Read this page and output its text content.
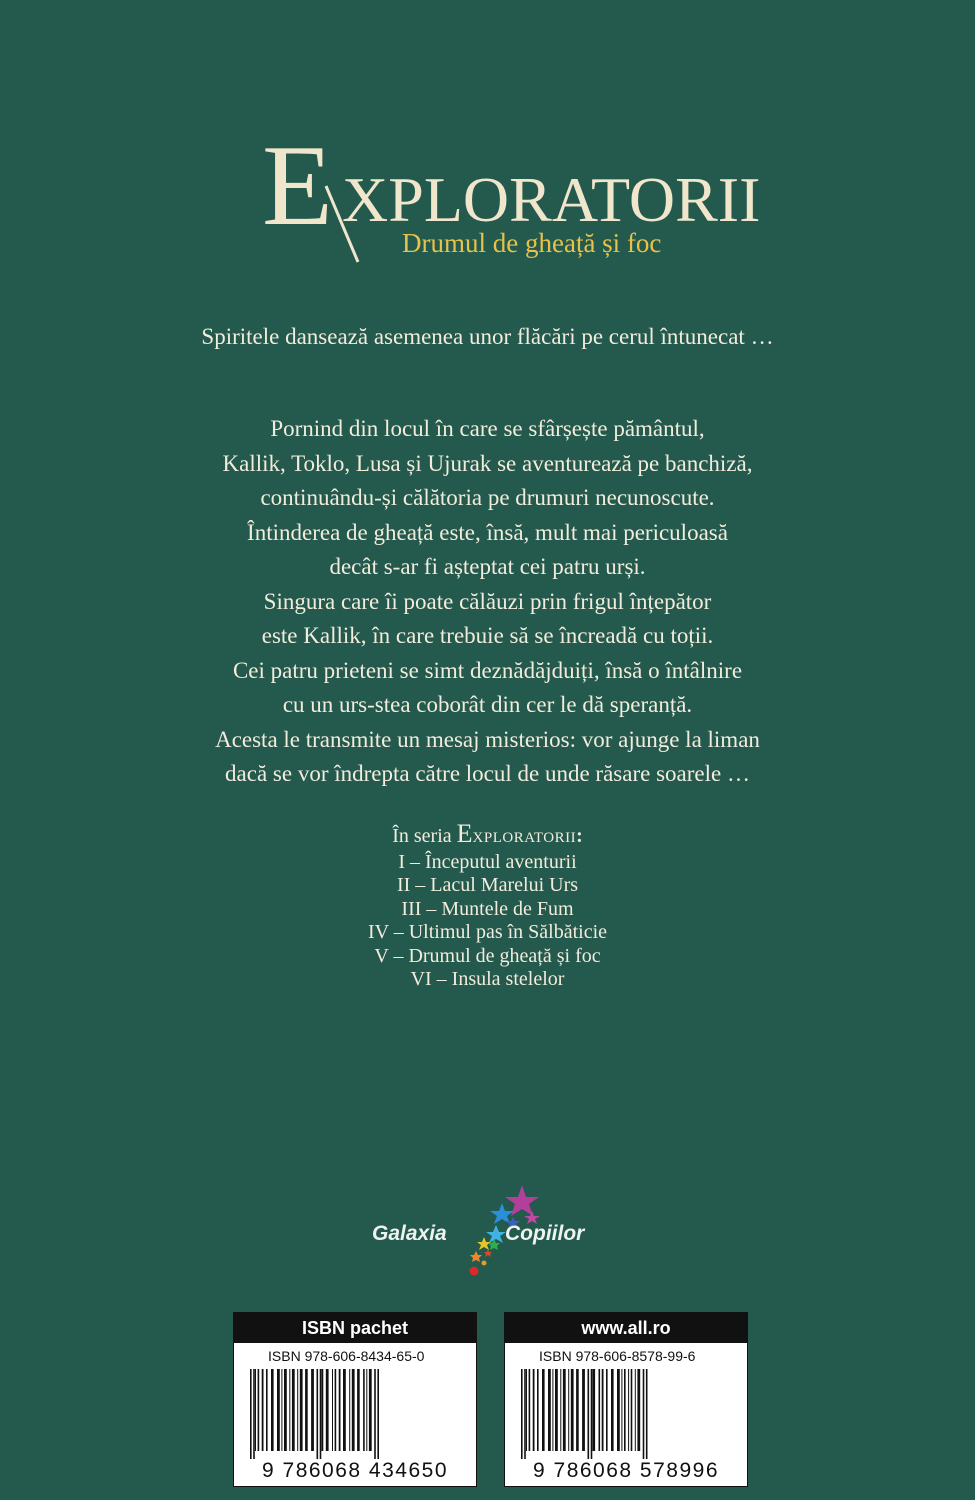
E XPLORATORII
Drumul de gheață și foc
Spiritele dansează asemenea unor flăcări pe cerul întunecat …
Pornind din locul în care se sfârșește pământul,
Kallik, Toklo, Lusa și Ujurak se aventurează pe banchiză,
continuându-și călătoria pe drumuri necunoscute.
Întinderea de gheață este, însă, mult mai periculoasă
decât s-ar fi așteptat cei patru urși.
Singura care îi poate călăuzi prin frigul înțepător
este Kallik, în care trebuie să se încreadă cu toții.
Cei patru prieteni se simt deznădăjduiți, însă o întâlnire
cu un urs-stea coborât din cer le dă speranță.
Acesta le transmite un mesaj misterios: vor ajunge la liman
dacă se vor îndrepta către locul de unde răsare soarele …
În seria EXPLORATORII:
I – Începutul aventurii
II – Lacul Marelui Urs
III – Muntele de Fum
IV – Ultimul pas în Sălbăticie
V – Drumul de gheață și foc
VI – Insula stelelor
Galaxia	Copiilor
ISBN pachet
ISBN 978-606-8434-65-0
9 786068 434650
www.all.ro
ISBN 978-606-8578-99-6
9 786068 578996
